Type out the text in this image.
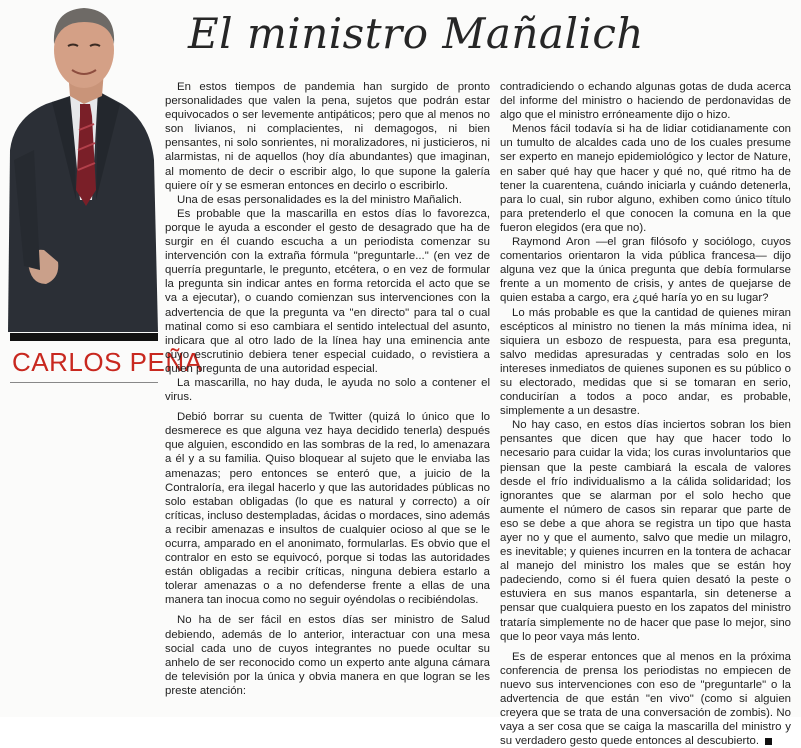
El ministro Mañalich
CARLOS PEÑA

En estos tiempos de pandemia han surgido de pronto personalidades que valen la pena, sujetos que podrán estar equivocados o ser levemente antipáticos; pero que al menos no son livianos, ni complacientes, ni demagogos, ni bien pensantes, ni solo sonrientes, ni moralizadores, ni justicieros, ni alarmistas, ni de aquellos (hoy día abundantes) que imaginan, al momento de decir o escribir algo, lo que supone la galería quiere oír y se esmeran entonces en decirlo o escribirlo.

Una de esas personalidades es la del ministro Mañalich.

Es probable que la mascarilla en estos días lo favorezca, porque le ayuda a esconder el gesto de desagrado que ha de surgir en él cuando escucha a un periodista comenzar su intervención con la extraña fórmula "preguntarle..." (en vez de querría preguntarle, le pregunto, etcétera, o en vez de formular la pregunta sin indicar antes en forma retorcida el acto que se va a ejecutar), o cuando comienzan sus intervenciones con la advertencia de que la pregunta va "en directo" para tal o cual matinal como si eso cambiara el sentido intelectual del asunto, indicara que al otro lado de la línea hay una eminencia ante cuyo escrutinio debiera tener especial cuidado, o revistiera a quien pregunta de una autoridad especial.

La mascarilla, no hay duda, le ayuda no solo a contener el virus.

Debió borrar su cuenta de Twitter (quizá lo único que lo desmerece es que alguna vez haya decidido tenerla) después que alguien, escondido en las sombras de la red, lo amenazara a él y a su familia. Quiso bloquear al sujeto que le enviaba las amenazas; pero entonces se enteró que, a juicio de la Contraloría, era ilegal hacerlo y que las autoridades públicas no solo estaban obligadas (lo que es natural y correcto) a oír críticas, incluso destempladas, ácidas o mordaces, sino además a recibir amenazas e insultos de cualquier ocioso al que se le ocurra, amparado en el anonimato, formularlas. Es obvio que el contralor en esto se equivocó, porque si todas las autoridades están obligadas a recibir críticas, ninguna debiera estarlo a tolerar amenazas o a no defenderse frente a ellas de una manera tan inocua como no seguir oyéndolas o recibiéndolas.

No ha de ser fácil en estos días ser ministro de Salud debiendo, además de lo anterior, interactuar con una mesa social cada uno de cuyos integrantes no puede ocultar su anhelo de ser reconocido como un experto ante alguna cámara de televisión por la única y obvia manera en que logran se les preste atención:

contradiciendo o echando algunas gotas de duda acerca del informe del ministro o haciendo de perdonavidas de algo que el ministro erróneamente dijo o hizo.

Menos fácil todavía si ha de lidiar cotidianamente con un tumulto de alcaldes cada uno de los cuales presume ser experto en manejo epidemiológico y lector de Nature, en saber qué hay que hacer y qué no, qué ritmo ha de tener la cuarentena, cuándo iniciarla y cuándo detenerla, para lo cual, sin rubor alguno, exhiben como único título para pretenderlo el que conocen la comuna en la que fueron elegidos (era que no).

Raymond Aron —el gran filósofo y sociólogo, cuyos comentarios orientaron la vida pública francesa— dijo alguna vez que la única pregunta que debía formularse frente a un momento de crisis, y antes de quejarse de quien estaba a cargo, era ¿qué haría yo en su lugar?

Lo más probable es que la cantidad de quienes miran escépticos al ministro no tienen la más mínima idea, ni siquiera un esbozo de respuesta, para esa pregunta, salvo medidas apresuradas y centradas solo en los intereses inmediatos de quienes suponen es su público o su electorado, medidas que si se tomaran en serio, conducirían a todos a poco andar, es probable, simplemente a un desastre.

No hay caso, en estos días inciertos sobran los bien pensantes que dicen que hay que hacer todo lo necesario para cuidar la vida; los curas involuntarios que piensan que la peste cambiará la escala de valores desde el frío individualismo a la cálida solidaridad; los ignorantes que se alarman por el solo hecho que aumente el número de casos sin reparar que parte de eso se debe a que ahora se registra un tipo que hasta ayer no y que el aumento, salvo que medie un milagro, es inevitable; y quienes incurren en la tontera de achacar al manejo del ministro los males que se están hoy padeciendo, como si él fuera quien desató la peste o estuviera en sus manos espantarla, sin detenerse a pensar que cualquiera puesto en los zapatos del ministro trataría simplemente no de hacer que pase lo mejor, sino que lo peor vaya más lento.

Es de esperar entonces que al menos en la próxima conferencia de prensa los periodistas no empiecen de nuevo sus intervenciones con eso de "preguntarle" o la advertencia de que están "en vivo" (como si alguien creyera que se trata de una conversación de zombis). No vaya a ser cosa que se caiga la mascarilla del ministro y su verdadero gesto quede entonces al descubierto.
